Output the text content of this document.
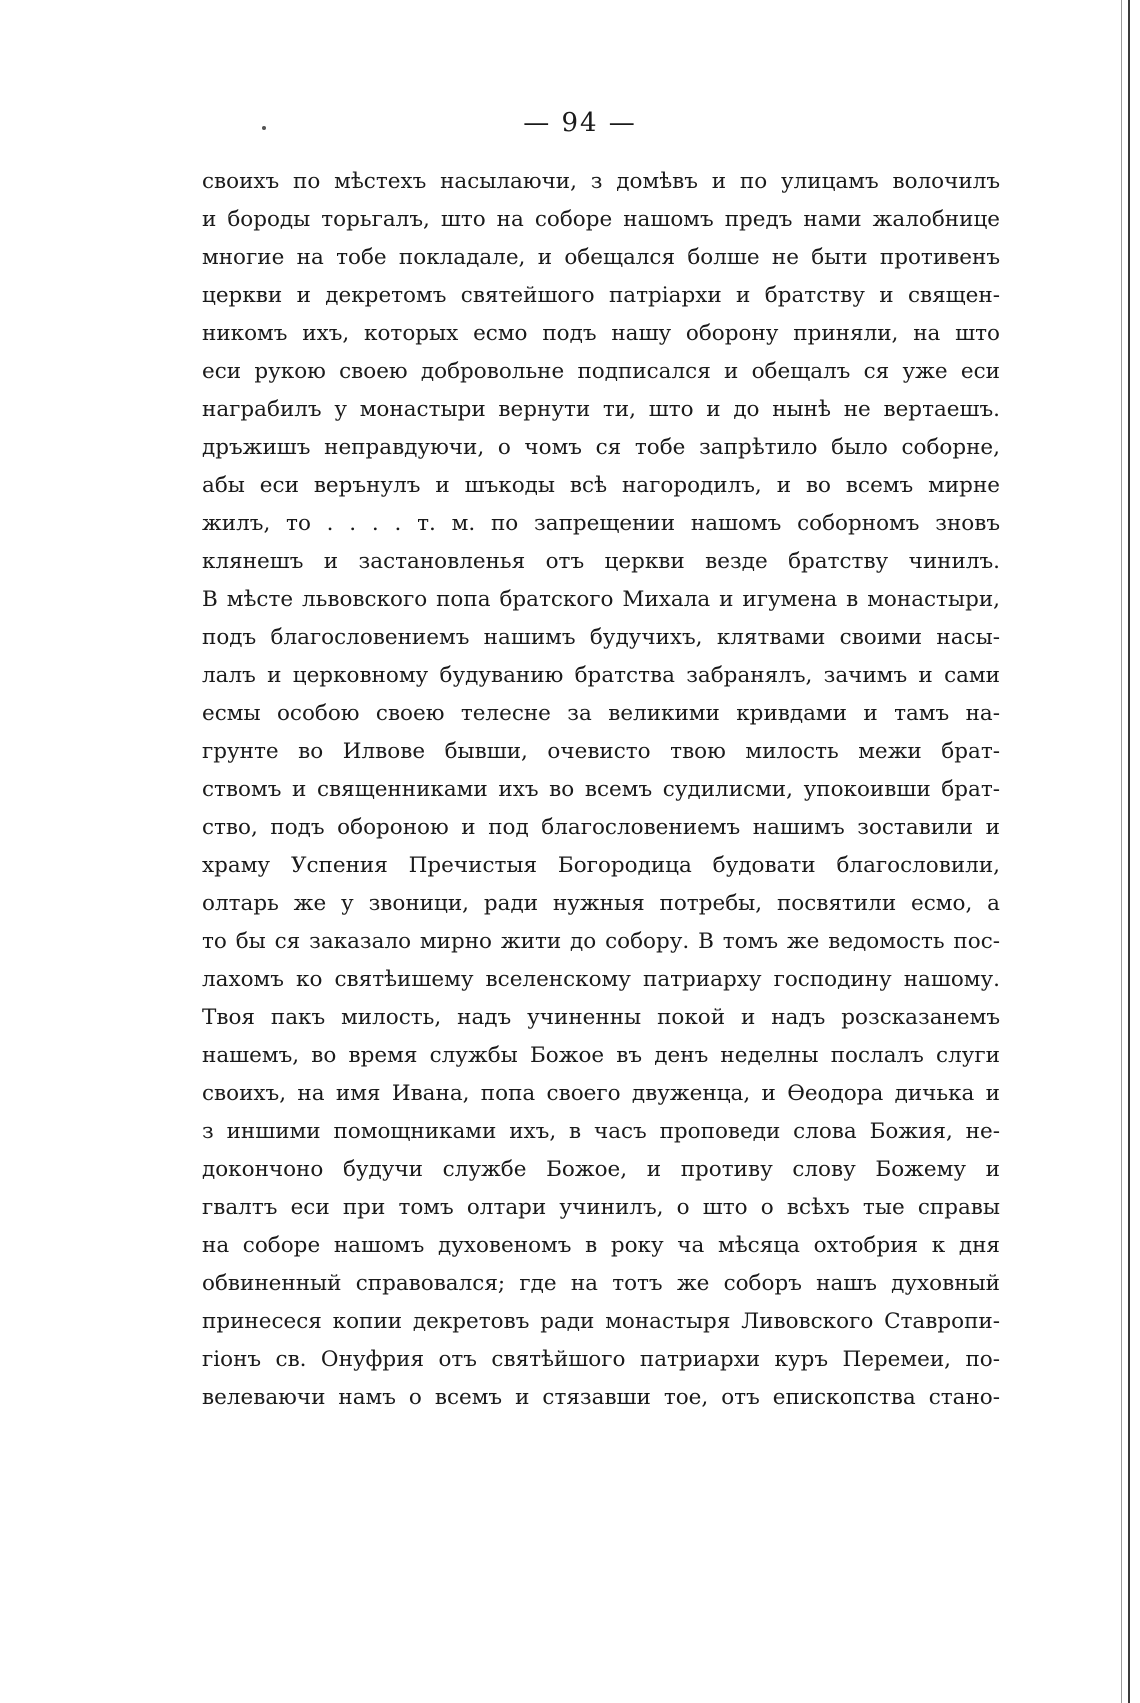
— 94 —
своихъ по мѣстехъ насылаючи, з домѣвъ и по улицамъ волочилъ
и бороды торьгалъ, што на соборе нашомъ предъ нами жалобнице
многие на тобе покладале, и обещался болше не быти противенъ
церкви и декретомъ святейшого патріархи и братству и священ-
никомъ ихъ, которых есмо подъ нашу оборону приняли, на што
еси рукою своею добровольне подписался и обещалъ ся уже еси
награбилъ у монастыри вернути ти, што и до нынѣ не вертаешъ.
дръжишъ неправдуючи, о чомъ ся тобе запрѣтило было соборне,
абы еси верънулъ и шъкоды всѣ нагородилъ, и во всемъ мирне
жилъ, то . . . . т. м. по запрещении нашомъ соборномъ зновъ
клянешъ и застановленья отъ церкви везде братству чинилъ.
В мѣсте львовского попа братского Михала и игумена в монастыри,
подъ благословениемъ нашимъ будучихъ, клятвами своими насы-
лалъ и церковному будуванию братства забранялъ, зачимъ и сами
есмы особою своею телесне за великими кривдами и тамъ на-
грунте во Илвове бывши, очевисто твою милость межи брат-
ствомъ и священниками ихъ во всемъ судилисми, упокоивши брат-
ство, подъ обороною и под благословениемъ нашимъ зоставили и
храму Успения Пречистыя Богородица будовати благословили,
олтарь же у звоници, ради нужныя потребы, посвятили есмо, а
то бы ся заказало мирно жити до собору. В томъ же ведомость пос-
лахомъ ко святѣишему вселенскому патриарху господину нашому.
Твоя пакъ милость, надъ учиненны покой и надъ розсказанемъ
нашемъ, во время службы Божое въ денъ неделны послалъ слуги
своихъ, на имя Ивана, попа своего двуженца, и Ѳеодора дичька и
з иншими помощниками ихъ, в часъ проповеди слова Божия, не-
докончоно будучи службе Божое, и противу слову Божему и
гвалтъ еси при томъ олтари учинилъ, о што о всѣхъ тые справы
на соборе нашомъ духовеномъ в року ча мѣсяца охтобрия к дня
обвиненный справовался; где на тотъ же соборъ нашъ духовный
принесеся копии декретовъ ради монастыря Ливовского Ставропи-
гіонъ св. Онуфрия отъ святѣйшого патриархи куръ Перемеи, по-
велеваючи намъ о всемъ и стязавши тое, отъ епископства стано-
